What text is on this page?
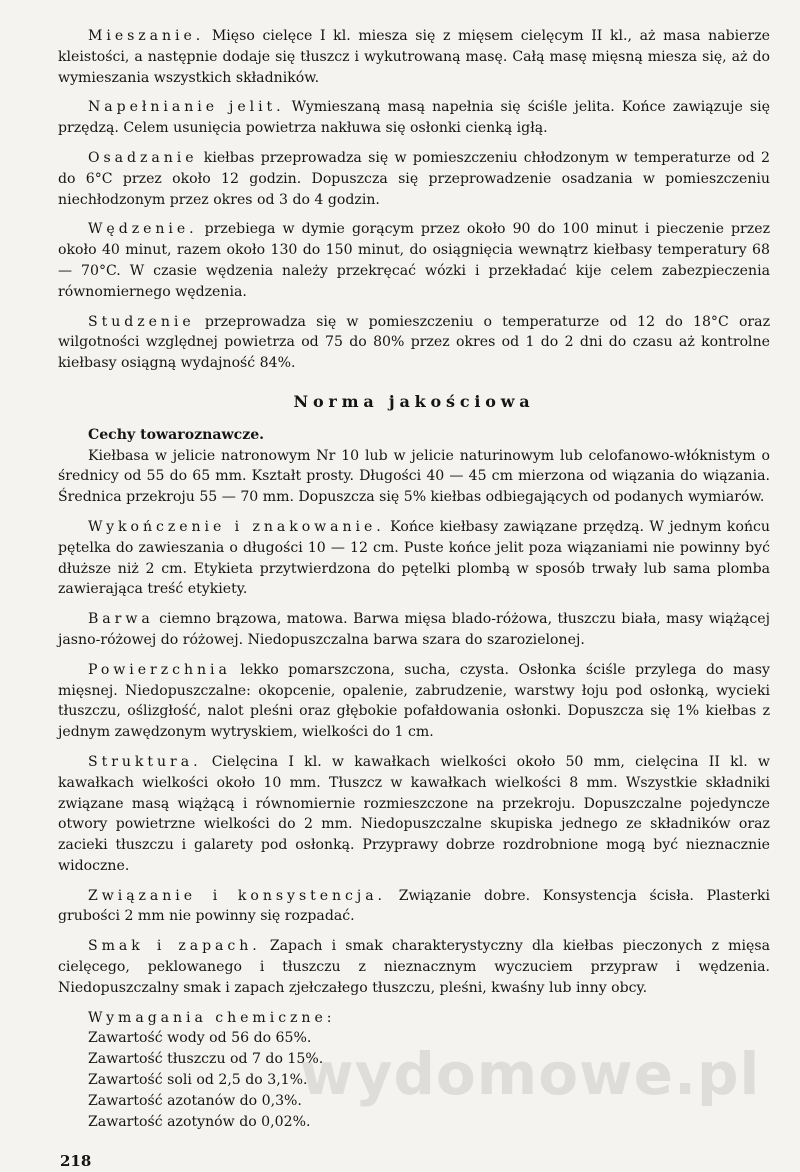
Mieszanie. Mięso cielęce I kl. miesza się z mięsem cielęcym II kl., aż masa nabierze kleistości, a następnie dodaje się tłuszcz i wykutrowaną masę. Całą masę mięsną miesza się, aż do wymieszania wszystkich składników.

Napełnianie jelit. Wymieszaną masą napełnia się ściśle jelita. Końce zawiązuje się przędzą. Celem usunięcia powietrza nakłuwa się osłonki cienką igłą.

Osadzanie kiełbas przeprowadza się w pomieszczeniu chłodzonym w temperaturze od 2 do 6°C przez około 12 godzin. Dopuszcza się przeprowadzenie osadzania w pomieszczeniu niechłodzonym przez okres od 3 do 4 godzin.

Wędzenie. przebiega w dymie gorącym przez około 90 do 100 minut i pieczenie przez około 40 minut, razem około 130 do 150 minut, do osiągnięcia wewnątrz kiełbasy temperatury 68 — 70°C. W czasie wędzenia należy przekręcać wózki i przekładać kije celem zabezpieczenia równomiernego wędzenia.

Studzenie przeprowadza się w pomieszczeniu o temperaturze od 12 do 18°C oraz wilgotności względnej powietrza od 75 do 80% przez okres od 1 do 2 dni do czasu aż kontrolne kiełbasy osiągną wydajność 84%.

Norma jakościowa
Cechy towaroznawcze.

Kiełbasa w jelicie natronowym Nr 10 lub w jelicie naturinowym lub celofanowo-włóknistym o średnicy od 55 do 65 mm. Kształt prosty. Długości 40 — 45 cm mierzona od wiązania do wiązania. Średnica przekroju 55 — 70 mm. Dopuszcza się 5% kiełbas odbiegających od podanych wymiarów.

Wykończenie i znakowanie. Końce kiełbasy zawiązane przędzą. W jednym końcu pętelka do zawieszania o długości 10 — 12 cm. Puste końce jelit poza wiązaniami nie powinny być dłuższe niż 2 cm. Etykieta przytwierdzona do pętelki plombą w sposób trwały lub sama plomba zawierająca treść etykiety.

Barwa ciemno brązowa, matowa. Barwa mięsa blado-różowa, tłuszczu biała, masy wiążącej jasno-różowej do różowej. Niedopuszczalna barwa szara do szarozielonej.

Powierzchnia lekko pomarszczona, sucha, czysta. Osłonka ściśle przylega do masy mięsnej. Niedopuszczalne: okopcenie, opalenie, zabrudzenie, warstwy łoju pod osłonką, wycieki tłuszczu, oślizgłość, nalot pleśni oraz głębokie pofałdowania osłonki. Dopuszcza się 1% kiełbas z jednym zawędzonym wytryskiem, wielkości do 1 cm.

Struktura. Cielęcina I kl. w kawałkach wielkości około 50 mm, cielęcina II kl. w kawałkach wielkości około 10 mm. Tłuszcz w kawałkach wielkości 8 mm. Wszystkie składniki związane masą wiążącą i równomiernie rozmieszczone na przekroju. Dopuszczalne pojedyncze otwory powietrzne wielkości do 2 mm. Niedopuszczalne skupiska jednego ze składników oraz zacieki tłuszczu i galarety pod osłonką. Przyprawy dobrze rozdrobnione mogą być nieznacznie widoczne.

Związanie i konsystencja. Związanie dobre. Konsystencja ścisła. Plasterki grubości 2 mm nie powinny się rozpadać.

Smak i zapach. Zapach i smak charakterystyczny dla kiełbas pieczonych z mięsa cielęcego, peklowanego i tłuszczu z nieznacznym wyczuciem przypraw i wędzenia. Niedopuszczalny smak i zapach zjełczałego tłuszczu, pleśni, kwaśny lub inny obcy.

Wymagania chemiczne:
Zawartość wody od 56 do 65%.
Zawartość tłuszczu od 7 do 15%.
Zawartość soli od 2,5 do 3,1%.
Zawartość azotanów do 0,3%.
Zawartość azotynów do 0,02%.
wydomowe.pl
218
